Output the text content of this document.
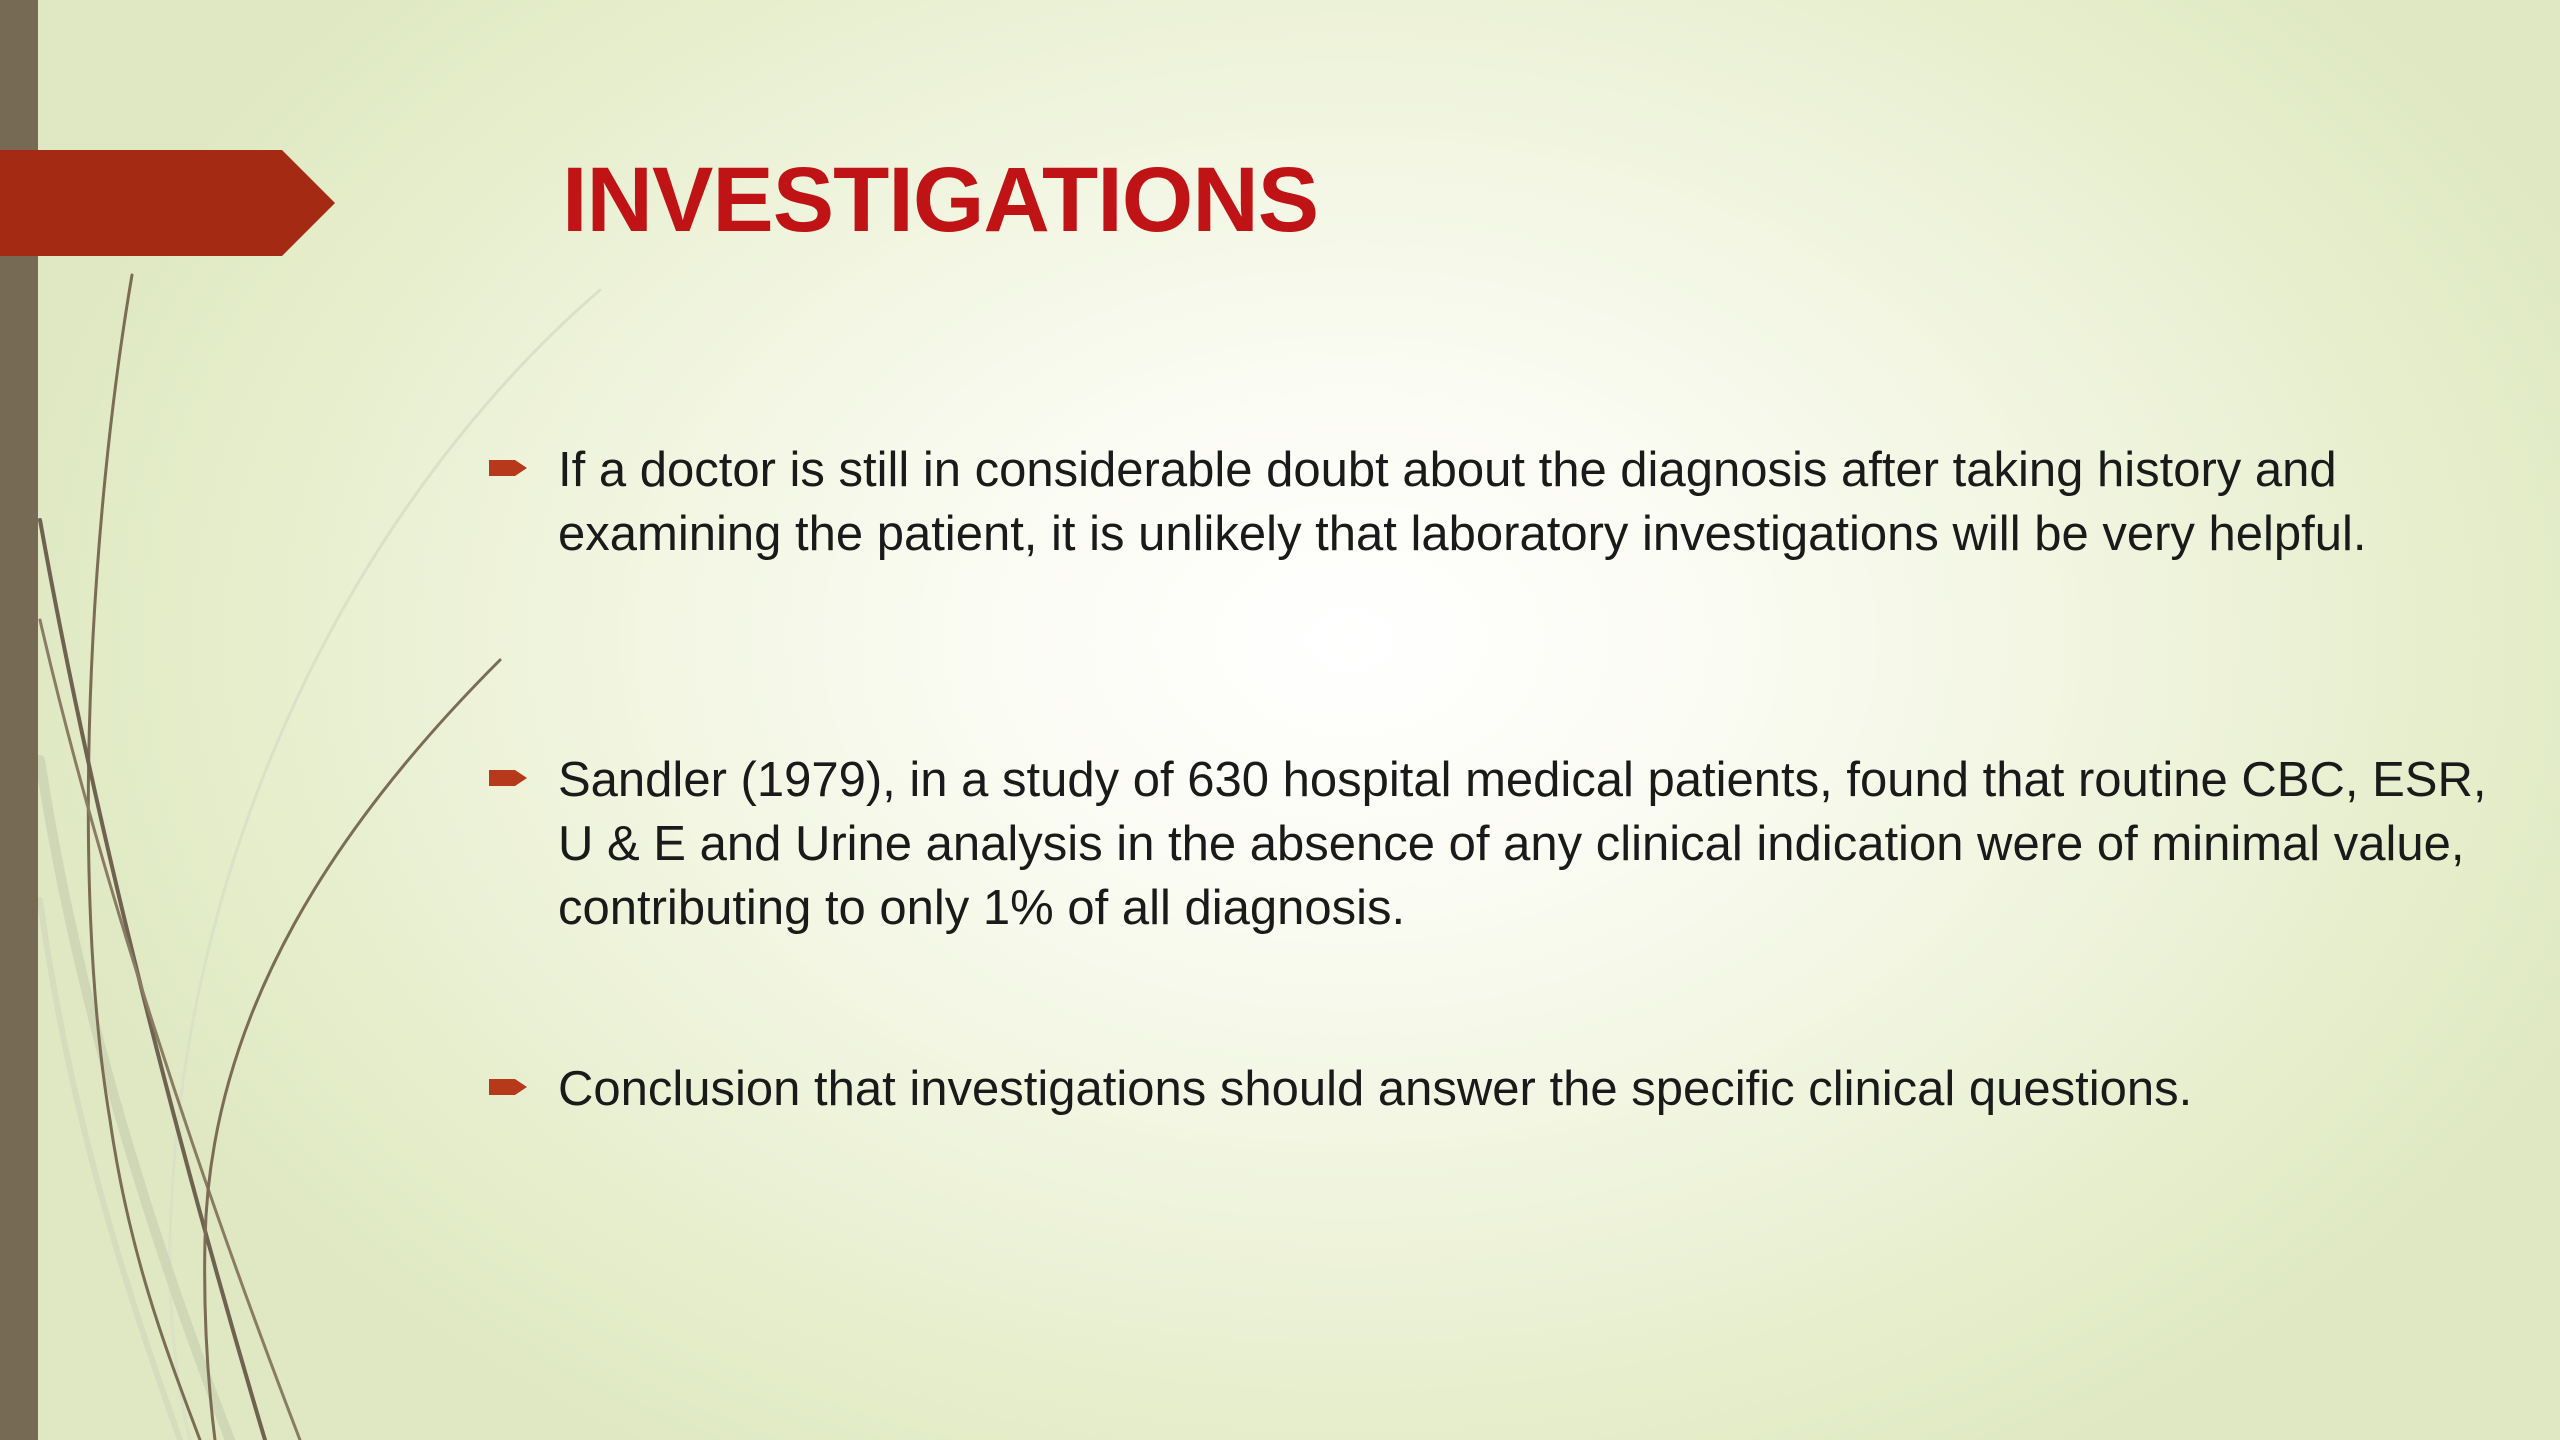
INVESTIGATIONS
If a doctor is still in considerable doubt about the diagnosis after taking history and examining the patient, it is unlikely that laboratory investigations will be very helpful.
Sandler (1979), in a study of 630 hospital medical patients, found that routine CBC, ESR, U & E and Urine analysis in the absence of any clinical indication were of minimal value, contributing to only 1% of all diagnosis.
Conclusion that investigations should answer the specific clinical questions.
